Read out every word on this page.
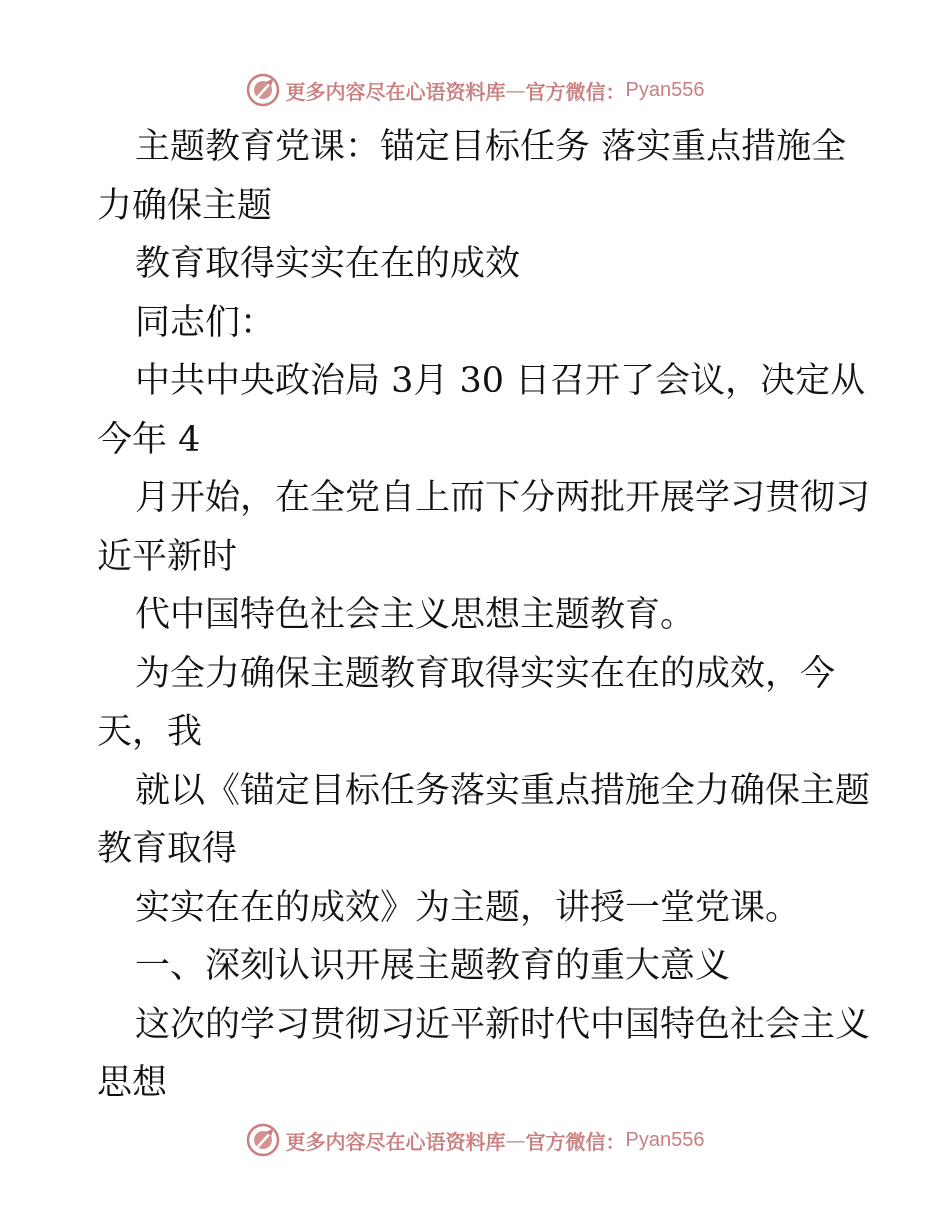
更多内容尽在心语资料库 — 官方微信： Pyan556
主题教育党课：锚定目标任务 落实重点措施全
力确保主题
教育取得实实在在的成效
同志们：
中共中央政治局 3月 30 日召开了会议，决定从
今年 4
月开始，在全党自上而下分两批开展学习贯彻习
近平新时
代中国特色社会主义思想主题教育。
为全力确保主题教育取得实实在在的成效，今
天，我
就以《锚定目标任务落实重点措施全力确保主题
教育取得
实实在在的成效》为主题，讲授一堂党课。
一、深刻认识开展主题教育的重大意义
这次的学习贯彻习近平新时代中国特色社会主义
思想
更多内容尽在心语资料库 — 官方微信： Pyan556
